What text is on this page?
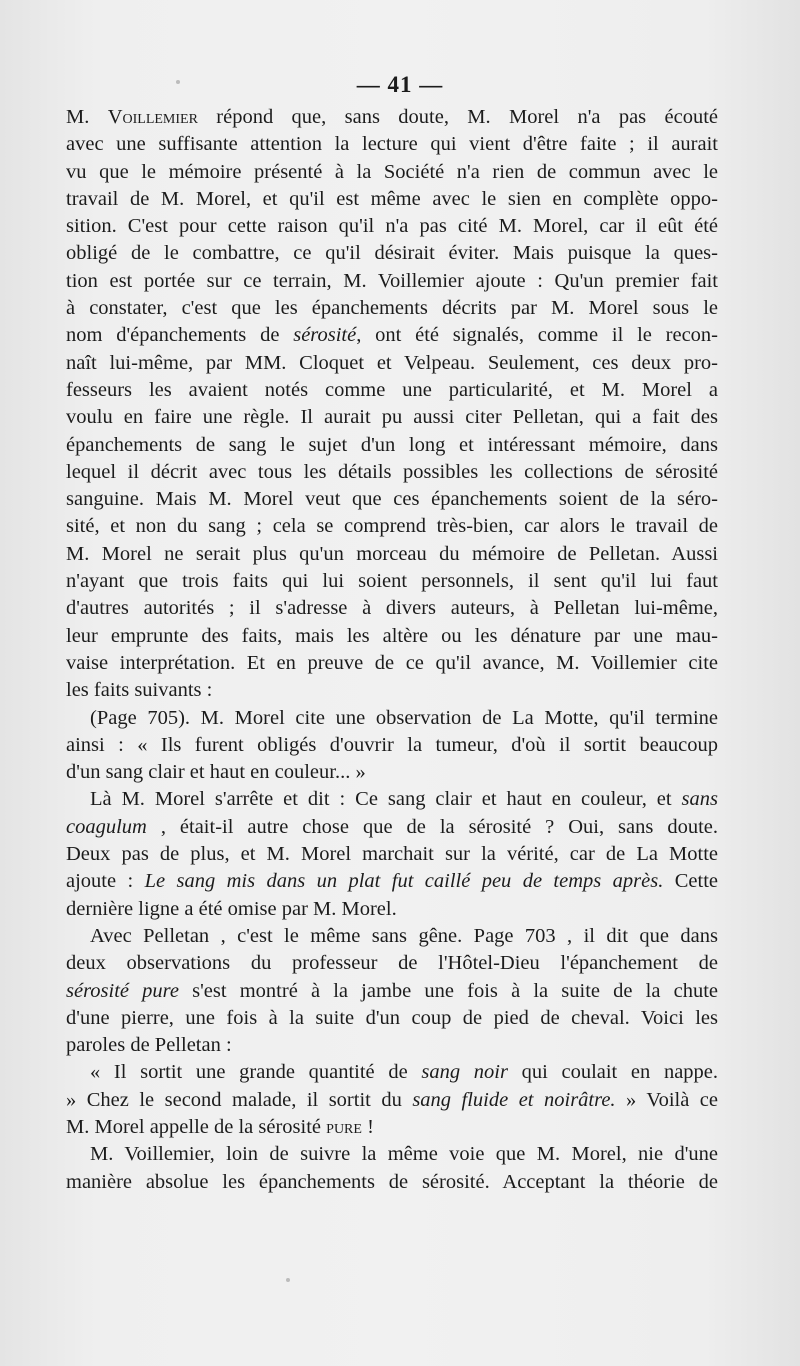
— 41 —
M. Voillemier répond que, sans doute, M. Morel n'a pas écouté
avec une suffisante attention la lecture qui vient d'être faite ; il aurait
vu que le mémoire présenté à la Société n'a rien de commun avec le
travail de M. Morel, et qu'il est même avec le sien en complète oppo-
sition. C'est pour cette raison qu'il n'a pas cité M. Morel, car il eût été
obligé de le combattre, ce qu'il désirait éviter. Mais puisque la ques-
tion est portée sur ce terrain, M. Voillemier ajoute : Qu'un premier fait
à constater, c'est que les épanchements décrits par M. Morel sous le
nom d'épanchements de sérosité, ont été signalés, comme il le recon-
naît lui-même, par MM. Cloquet et Velpeau. Seulement, ces deux pro-
fesseurs les avaient notés comme une particularité, et M. Morel a
voulu en faire une règle. Il aurait pu aussi citer Pelletan, qui a fait des
épanchements de sang le sujet d'un long et intéressant mémoire, dans
lequel il décrit avec tous les détails possibles les collections de sérosité
sanguine. Mais M. Morel veut que ces épanchements soient de la séro-
sité, et non du sang ; cela se comprend très-bien, car alors le travail de
M. Morel ne serait plus qu'un morceau du mémoire de Pelletan. Aussi
n'ayant que trois faits qui lui soient personnels, il sent qu'il lui faut
d'autres autorités ; il s'adresse à divers auteurs, à Pelletan lui-même,
leur emprunte des faits, mais les altère ou les dénature par une mau-
vaise interprétation. Et en preuve de ce qu'il avance, M. Voillemier cite
les faits suivants :
(Page 705). M. Morel cite une observation de La Motte, qu'il termine
ainsi : « Ils furent obligés d'ouvrir la tumeur, d'où il sortit beaucoup
d'un sang clair et haut en couleur... »
Là M. Morel s'arrête et dit : Ce sang clair et haut en couleur, et sans
coagulum , était-il autre chose que de la sérosité ? Oui, sans doute.
Deux pas de plus, et M. Morel marchait sur la vérité, car de La Motte
ajoute : Le sang mis dans un plat fut caillé peu de temps après. Cette
dernière ligne a été omise par M. Morel.
Avec Pelletan , c'est le même sans gêne. Page 703 , il dit que dans
deux observations du professeur de l'Hôtel-Dieu l'épanchement de
sérosité pure s'est montré à la jambe une fois à la suite de la chute
d'une pierre, une fois à la suite d'un coup de pied de cheval. Voici les
paroles de Pelletan :
« Il sortit une grande quantité de sang noir qui coulait en nappe.
» Chez le second malade, il sortit du sang fluide et noirâtre. » Voilà ce
M. Morel appelle de la sérosité pure !
M. Voillemier, loin de suivre la même voie que M. Morel, nie d'une
manière absolue les épanchements de sérosité. Acceptant la théorie de
